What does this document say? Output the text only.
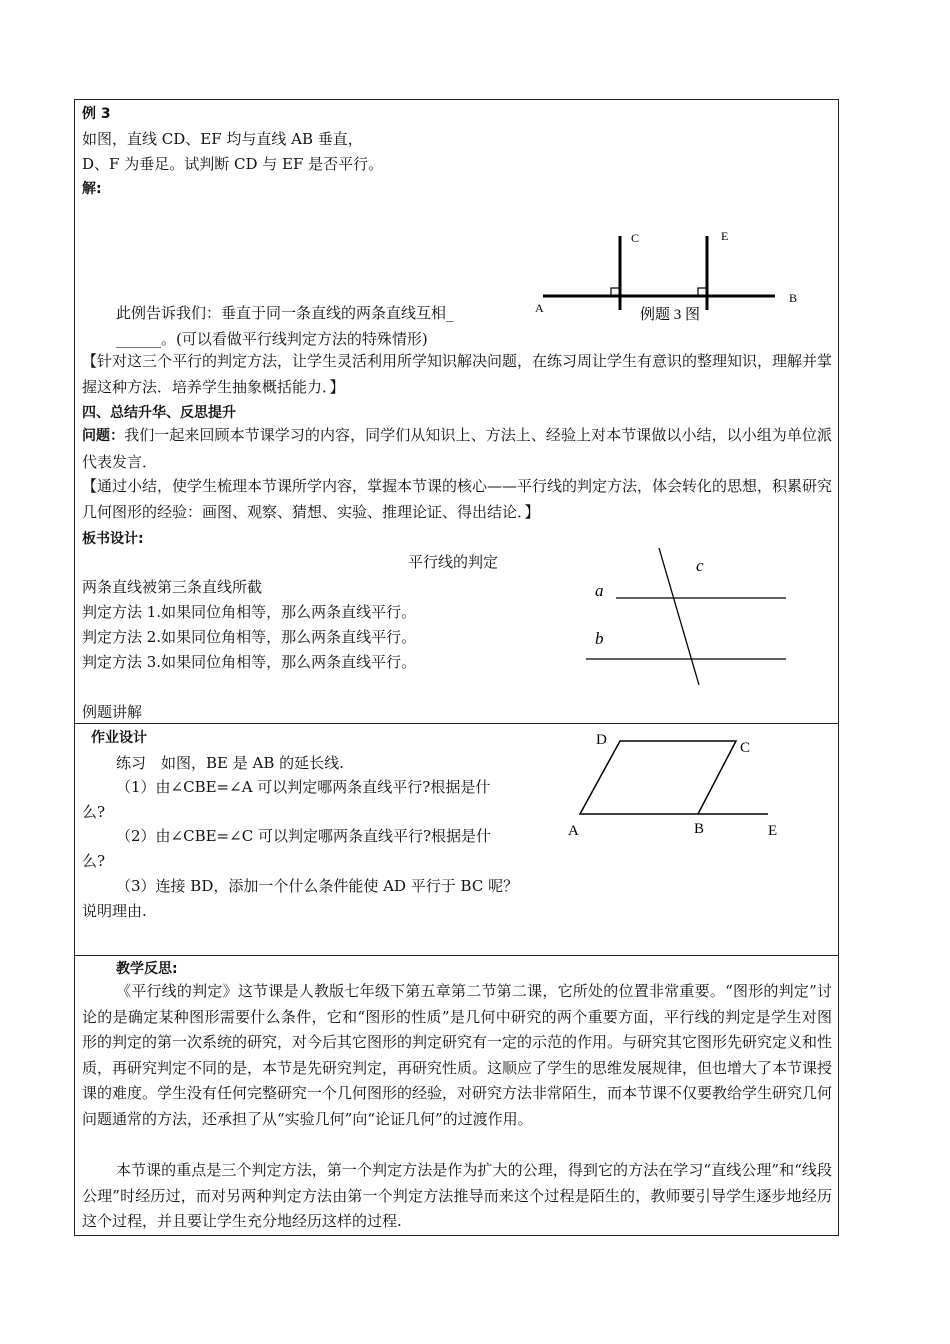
例 3
如图，直线 CD、EF 均与直线 AB 垂直，
D、F 为垂足。试判断 CD 与 EF 是否平行。
解:
C	E
A
B
例题 3 图
此例告诉我们：垂直于同一条直线的两条直线互相_
______。(可以看做平行线判定方法的特殊情形)
【针对这三个平行的判定方法，让学生灵活利用所学知识解决问题，在练习周让学生有意识的整理知识，理解并掌握这种方法．培养学生抽象概括能力．】
四、总结升华、反思提升
问题：我们一起来回顾本节课学习的内容，同学们从知识上、方法上、经验上对本节课做以小结，以小组为单位派代表发言．
【通过小结，使学生梳理本节课所学内容，掌握本节课的核心——平行线的判定方法，体会转化的思想，积累研究几何图形的经验：画图、观察、猜想、实验、推理论证、得出结论．】
板书设计:
平行线的判定
两条直线被第三条直线所截
判定方法 1.如果同位角相等，那么两条直线平行。
判定方法 2.如果同位角相等，那么两条直线平行。
判定方法 3.如果同位角相等，那么两条直线平行。
例题讲解
a
b
c
作业设计
练习　如图，BE 是 AB 的延长线.
（1）由∠CBE=∠A 可以判定哪两条直线平行?根据是什
么?
（2）由∠CBE=∠C 可以判定哪两条直线平行?根据是什
么?
（3）连接 BD，添加一个什么条件能使 AD 平行于 BC 呢？
说明理由.
D	C
A	B	E
教学反思:
《平行线的判定》这节课是人教版七年级下第五章第二节第二课，它所处的位置非常重要。“图形的判定”讨论的是确定某种图形需要什么条件，它和“图形的性质”是几何中研究的两个重要方面，平行线的判定是学生对图形的判定的第一次系统的研究，对今后其它图形的判定研究有一定的示范的作用。与研究其它图形先研究定义和性质，再研究判定不同的是，本节是先研究判定，再研究性质。这顺应了学生的思维发展规律，但也增大了本节课授课的难度。学生没有任何完整研究一个几何图形的经验，对研究方法非常陌生，而本节课不仅要教给学生研究几何问题通常的方法，还承担了从“实验几何”向“论证几何”的过渡作用。
本节课的重点是三个判定方法，第一个判定方法是作为扩大的公理，得到它的方法在学习“直线公理”和“线段公理”时经历过，而对另两种判定方法由第一个判定方法推导而来这个过程是陌生的，教师要引导学生逐步地经历这个过程，并且要让学生充分地经历这样的过程.
